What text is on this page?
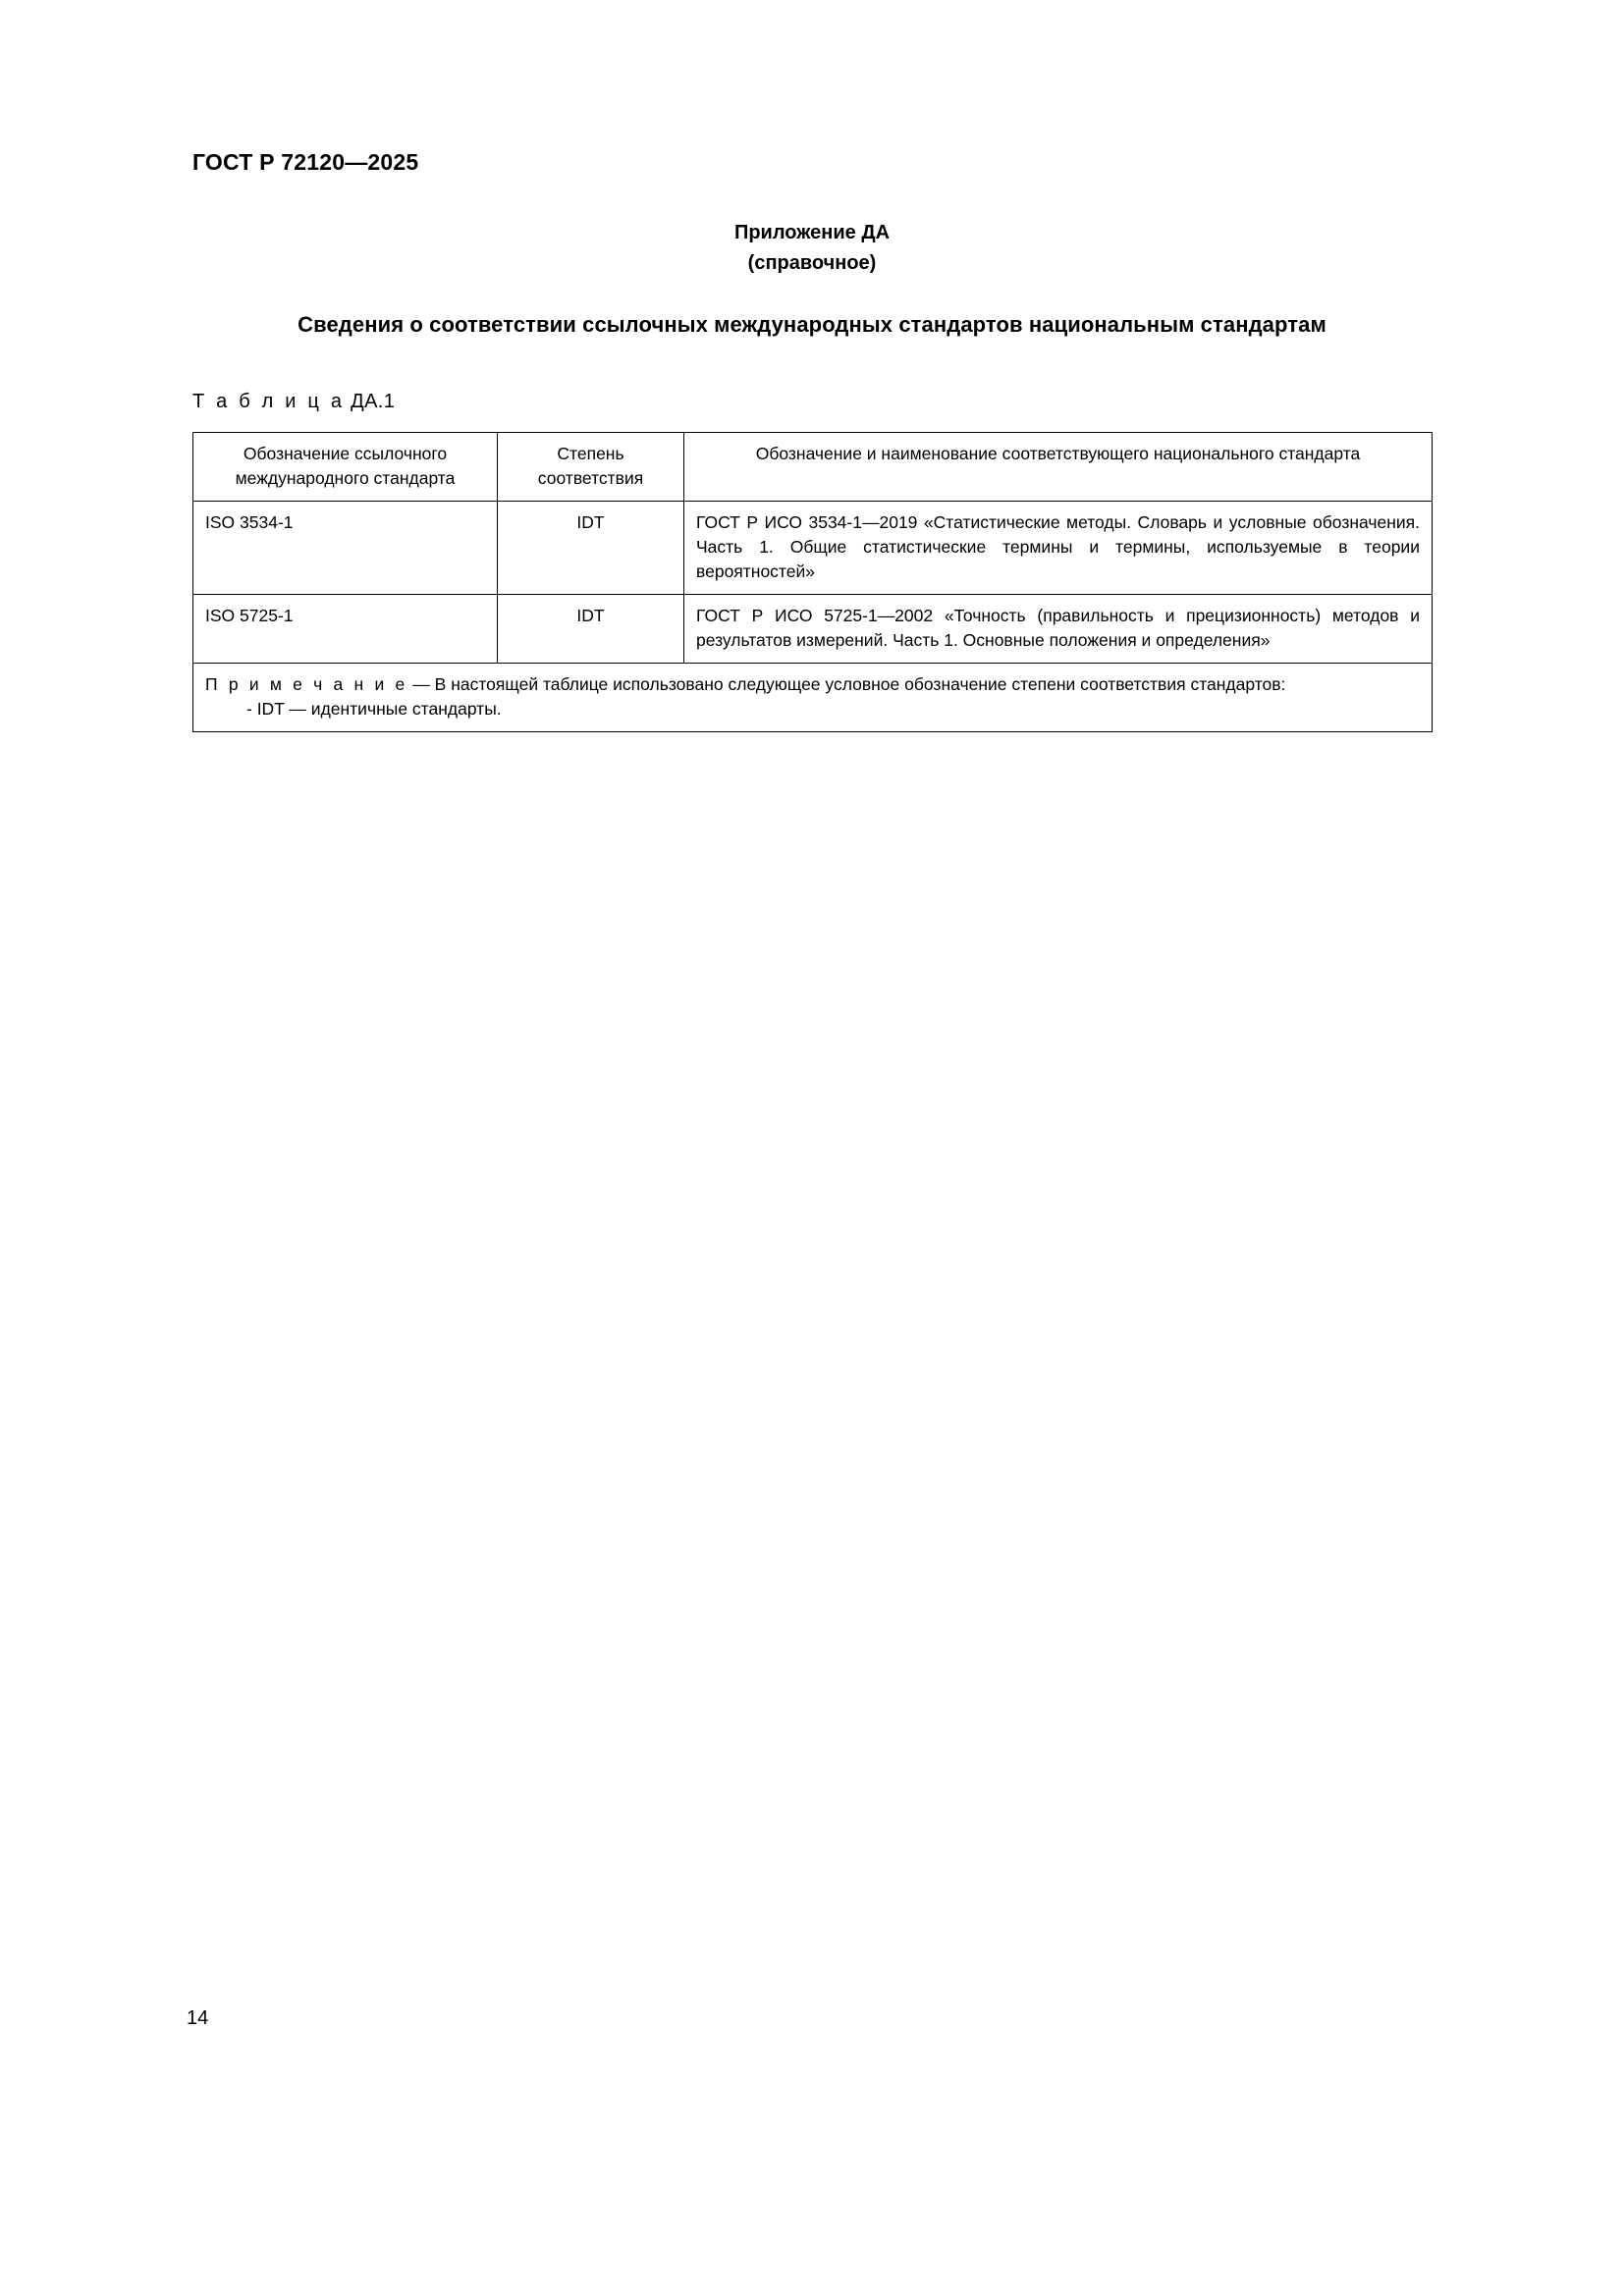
ГОСТ Р 72120—2025
Приложение ДА
(справочное)
Сведения о соответствии ссылочных международных стандартов национальным стандартам
Т а б л и ц а ДА.1
Обозначение ссылочного международного стандарта	Степень соответствия	Обозначение и наименование соответствующего национального стандарта
ISO 3534-1	IDT	ГОСТ Р ИСО 3534-1—2019 «Статистические методы. Словарь и условные обозначения. Часть 1. Общие статистические термины и термины, используемые в теории вероятностей»
ISO 5725-1	IDT	ГОСТ Р ИСО 5725-1—2002 «Точность (правильность и прецизионность) методов и результатов измерений. Часть 1. Основные положения и определения»
П р и м е ч а н и е — В настоящей таблице использовано следующее условное обозначение степени соответствия стандартов:
- IDT — идентичные стандарты.		
14
